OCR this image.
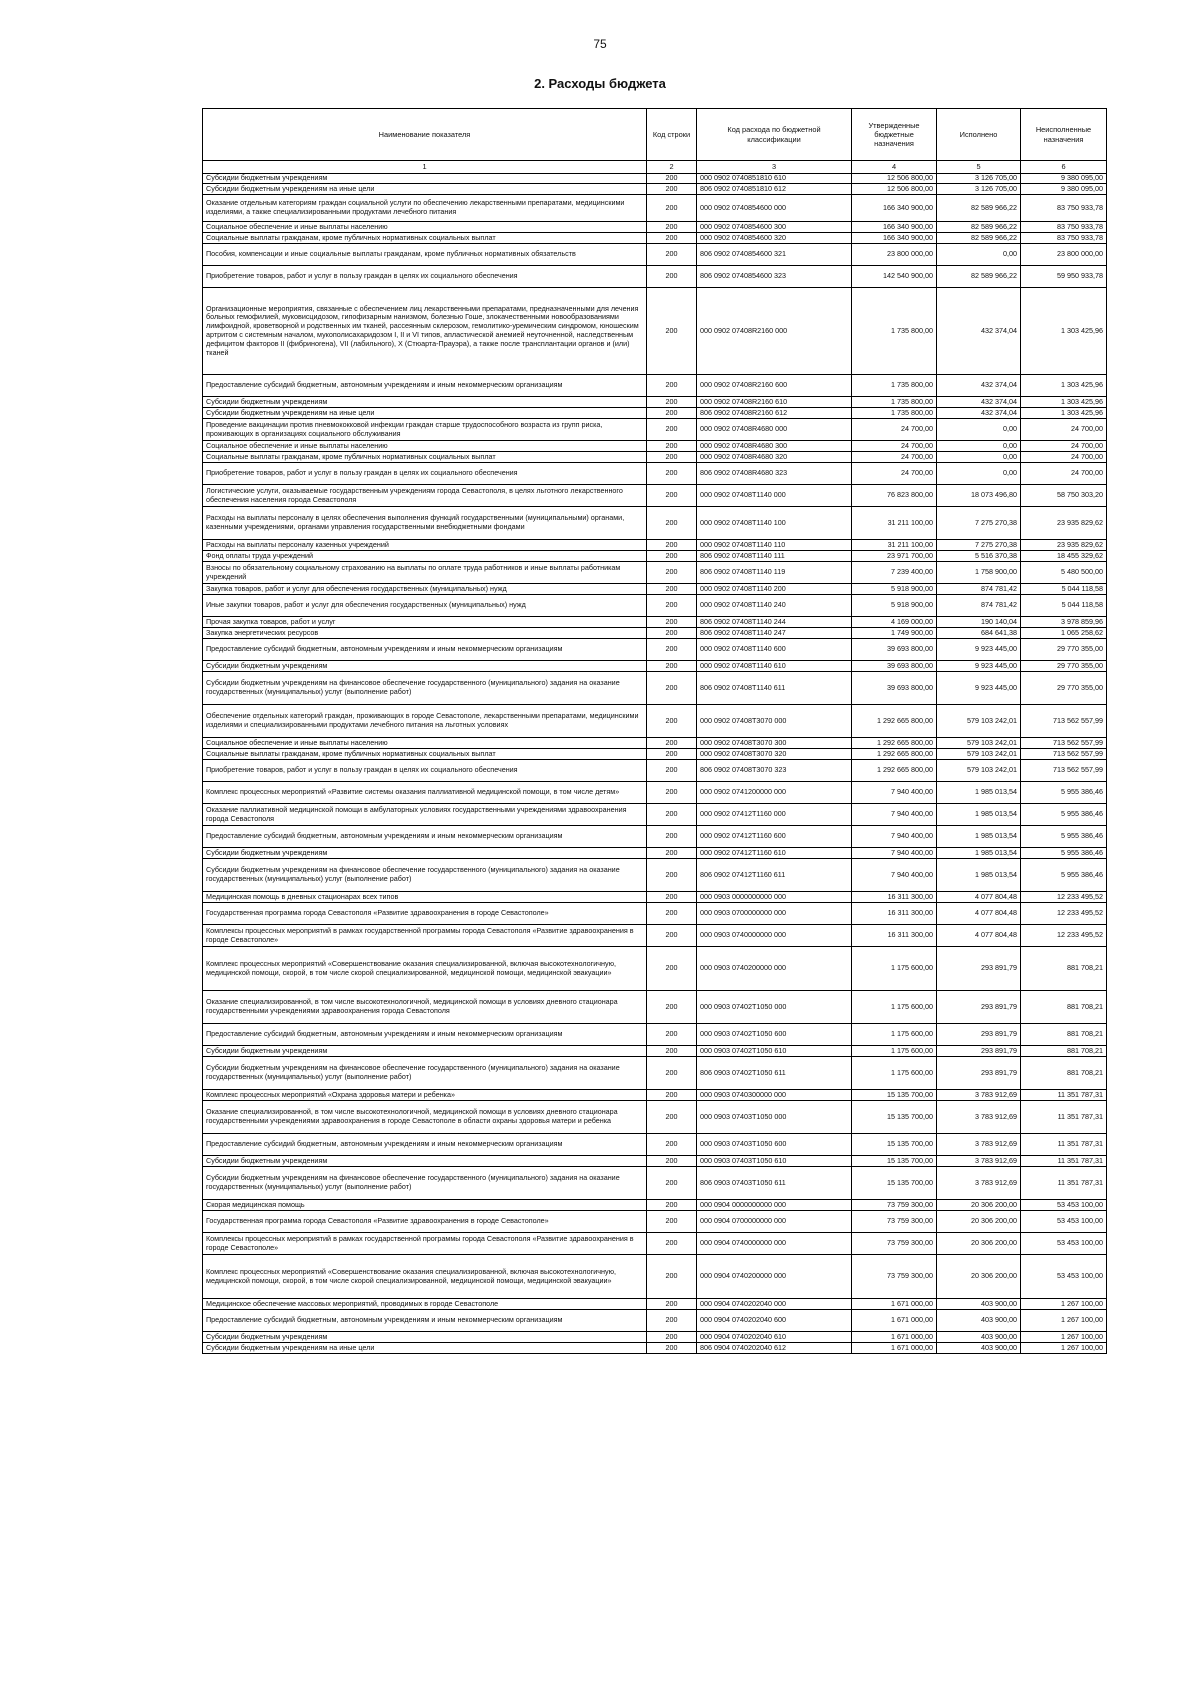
75
2. Расходы бюджета
Наименование показателя	Код строки	Код расхода по бюджетной классификации	Утвержденные бюджетные назначения	Исполнено	Неисполненные назначения
1	2	3	4	5	6
Субсидии бюджетным учреждениям	200	000 0902 0740851810 610	12 506 800,00	3 126 705,00	9 380 095,00
Субсидии бюджетным учреждениям на иные цели	200	806 0902 0740851810 612	12 506 800,00	3 126 705,00	9 380 095,00
Оказание отдельным категориям граждан социальной услуги по обеспечению лекарственными препаратами, медицинскими изделиями, а также специализированными продуктами лечебного питания	200	000 0902 0740854600 000	166 340 900,00	82 589 966,22	83 750 933,78
Социальное обеспечение и иные выплаты населению	200	000 0902 0740854600 300	166 340 900,00	82 589 966,22	83 750 933,78
Социальные выплаты гражданам, кроме публичных нормативных социальных выплат	200	000 0902 0740854600 320	166 340 900,00	82 589 966,22	83 750 933,78
Пособия, компенсации и иные социальные выплаты гражданам, кроме публичных нормативных обязательств	200	806 0902 0740854600 321	23 800 000,00	0,00	23 800 000,00
Приобретение товаров, работ и услуг в пользу граждан в целях их социального обеспечения	200	806 0902 0740854600 323	142 540 900,00	82 589 966,22	59 950 933,78
Организационные мероприятия, связанные с обеспечением лиц лекарственными препаратами, предназначенными для лечения больных гемофилией, муковисцидозом, гипофизарным нанизмом, болезнью Гоше, злокачественными новообразованиями лимфоидной, кроветворной и родственных им тканей, рассеянным склерозом, гемолитико-уремическим синдромом, юношеским артритом с системным началом, мукополисахаридозом I, II и VI типов, апластической анемией неуточненной, наследственным дефицитом факторов II (фибриногена), VII (лабильного), X (Стюарта-Прауэра), а также после трансплантации органов и (или) тканей	200	000 0902 07408R2160 000	1 735 800,00	432 374,04	1 303 425,96
Предоставление субсидий бюджетным, автономным учреждениям и иным некоммерческим организациям	200	000 0902 07408R2160 600	1 735 800,00	432 374,04	1 303 425,96
Субсидии бюджетным учреждениям	200	000 0902 07408R2160 610	1 735 800,00	432 374,04	1 303 425,96
Субсидии бюджетным учреждениям на иные цели	200	806 0902 07408R2160 612	1 735 800,00	432 374,04	1 303 425,96
Проведение вакцинации против пневмококковой инфекции граждан старше трудоспособного возраста из групп риска, проживающих в организациях социального обслуживания	200	000 0902 07408R4680 000	24 700,00	0,00	24 700,00
Социальное обеспечение и иные выплаты населению	200	000 0902 07408R4680 300	24 700,00	0,00	24 700,00
Социальные выплаты гражданам, кроме публичных нормативных социальных выплат	200	000 0902 07408R4680 320	24 700,00	0,00	24 700,00
Приобретение товаров, работ и услуг в пользу граждан в целях их социального обеспечения	200	806 0902 07408R4680 323	24 700,00	0,00	24 700,00
Логистические услуги, оказываемые государственным учреждениям города Севастополя, в целях льготного лекарственного обеспечения населения города Севастополя	200	000 0902 07408T1140 000	76 823 800,00	18 073 496,80	58 750 303,20
Расходы на выплаты персоналу в целях обеспечения выполнения функций государственными (муниципальными) органами, казенными учреждениями, органами управления государственными внебюджетными фондами	200	000 0902 07408T1140 100	31 211 100,00	7 275 270,38	23 935 829,62
Расходы на выплаты персоналу казенных учреждений	200	000 0902 07408T1140 110	31 211 100,00	7 275 270,38	23 935 829,62
Фонд оплаты труда учреждений	200	806 0902 07408T1140 111	23 971 700,00	5 516 370,38	18 455 329,62
Взносы по обязательному социальному страхованию на выплаты по оплате труда работников и иные выплаты работникам учреждений	200	806 0902 07408T1140 119	7 239 400,00	1 758 900,00	5 480 500,00
Закупка товаров, работ и услуг для обеспечения государственных (муниципальных) нужд	200	000 0902 07408T1140 200	5 918 900,00	874 781,42	5 044 118,58
Иные закупки товаров, работ и услуг для обеспечения государственных (муниципальных) нужд	200	000 0902 07408T1140 240	5 918 900,00	874 781,42	5 044 118,58
Прочая закупка товаров, работ и услуг	200	806 0902 07408T1140 244	4 169 000,00	190 140,04	3 978 859,96
Закупка энергетических ресурсов	200	806 0902 07408T1140 247	1 749 900,00	684 641,38	1 065 258,62
Предоставление субсидий бюджетным, автономным учреждениям и иным некоммерческим организациям	200	000 0902 07408T1140 600	39 693 800,00	9 923 445,00	29 770 355,00
Субсидии бюджетным учреждениям	200	000 0902 07408T1140 610	39 693 800,00	9 923 445,00	29 770 355,00
Субсидии бюджетным учреждениям на финансовое обеспечение государственного (муниципального) задания на оказание государственных (муниципальных) услуг (выполнение работ)	200	806 0902 07408T1140 611	39 693 800,00	9 923 445,00	29 770 355,00
Обеспечение отдельных категорий граждан, проживающих в городе Севастополе, лекарственными препаратами, медицинскими изделиями и специализированными продуктами лечебного питания на льготных условиях	200	000 0902 07408T3070 000	1 292 665 800,00	579 103 242,01	713 562 557,99
Социальное обеспечение и иные выплаты населению	200	000 0902 07408T3070 300	1 292 665 800,00	579 103 242,01	713 562 557,99
Социальные выплаты гражданам, кроме публичных нормативных социальных выплат	200	000 0902 07408T3070 320	1 292 665 800,00	579 103 242,01	713 562 557,99
Приобретение товаров, работ и услуг в пользу граждан в целях их социального обеспечения	200	806 0902 07408T3070 323	1 292 665 800,00	579 103 242,01	713 562 557,99
Комплекс процессных мероприятий «Развитие системы оказания паллиативной медицинской помощи, в том числе детям»	200	000 0902 0741200000 000	7 940 400,00	1 985 013,54	5 955 386,46
Оказание паллиативной медицинской помощи в амбулаторных условиях государственными учреждениями здравоохранения города Севастополя	200	000 0902 07412T1160 000	7 940 400,00	1 985 013,54	5 955 386,46
Предоставление субсидий бюджетным, автономным учреждениям и иным некоммерческим организациям	200	000 0902 07412T1160 600	7 940 400,00	1 985 013,54	5 955 386,46
Субсидии бюджетным учреждениям	200	000 0902 07412T1160 610	7 940 400,00	1 985 013,54	5 955 386,46
Субсидии бюджетным учреждениям на финансовое обеспечение государственного (муниципального) задания на оказание государственных (муниципальных) услуг (выполнение работ)	200	806 0902 07412T1160 611	7 940 400,00	1 985 013,54	5 955 386,46
Медицинская помощь в дневных стационарах всех типов	200	000 0903 0000000000 000	16 311 300,00	4 077 804,48	12 233 495,52
Государственная программа города Севастополя «Развитие здравоохранения в городе Севастополе»	200	000 0903 0700000000 000	16 311 300,00	4 077 804,48	12 233 495,52
Комплексы процессных мероприятий в рамках государственной программы города Севастополя «Развитие здравоохранения в городе Севастополе»	200	000 0903 0740000000 000	16 311 300,00	4 077 804,48	12 233 495,52
Комплекс процессных мероприятий «Совершенствование оказания специализированной, включая высокотехнологичную, медицинской помощи, скорой, в том числе скорой специализированной, медицинской помощи, медицинской эвакуации»	200	000 0903 0740200000 000	1 175 600,00	293 891,79	881 708,21
Оказание специализированной, в том числе высокотехнологичной, медицинской помощи в условиях дневного стационара государственными учреждениями здравоохранения города Севастополя	200	000 0903 07402T1050 000	1 175 600,00	293 891,79	881 708,21
Предоставление субсидий бюджетным, автономным учреждениям и иным некоммерческим организациям	200	000 0903 07402T1050 600	1 175 600,00	293 891,79	881 708,21
Субсидии бюджетным учреждениям	200	000 0903 07402T1050 610	1 175 600,00	293 891,79	881 708,21
Субсидии бюджетным учреждениям на финансовое обеспечение государственного (муниципального) задания на оказание государственных (муниципальных) услуг (выполнение работ)	200	806 0903 07402T1050 611	1 175 600,00	293 891,79	881 708,21
Комплекс процессных мероприятий «Охрана здоровья матери и ребенка»	200	000 0903 0740300000 000	15 135 700,00	3 783 912,69	11 351 787,31
Оказание специализированной, в том числе высокотехнологичной, медицинской помощи в условиях дневного стационара государственными учреждениями здравоохранения в городе Севастополе в области охраны здоровья матери и ребенка	200	000 0903 07403T1050 000	15 135 700,00	3 783 912,69	11 351 787,31
Предоставление субсидий бюджетным, автономным учреждениям и иным некоммерческим организациям	200	000 0903 07403T1050 600	15 135 700,00	3 783 912,69	11 351 787,31
Субсидии бюджетным учреждениям	200	000 0903 07403T1050 610	15 135 700,00	3 783 912,69	11 351 787,31
Субсидии бюджетным учреждениям на финансовое обеспечение государственного (муниципального) задания на оказание государственных (муниципальных) услуг (выполнение работ)	200	806 0903 07403T1050 611	15 135 700,00	3 783 912,69	11 351 787,31
Скорая медицинская помощь	200	000 0904 0000000000 000	73 759 300,00	20 306 200,00	53 453 100,00
Государственная программа города Севастополя «Развитие здравоохранения в городе Севастополе»	200	000 0904 0700000000 000	73 759 300,00	20 306 200,00	53 453 100,00
Комплексы процессных мероприятий в рамках государственной программы города Севастополя «Развитие здравоохранения в городе Севастополе»	200	000 0904 0740000000 000	73 759 300,00	20 306 200,00	53 453 100,00
Комплекс процессных мероприятий «Совершенствование оказания специализированной, включая высокотехнологичную, медицинской помощи, скорой, в том числе скорой специализированной, медицинской помощи, медицинской эвакуации»	200	000 0904 0740200000 000	73 759 300,00	20 306 200,00	53 453 100,00
Медицинское обеспечение массовых мероприятий, проводимых в городе Севастополе	200	000 0904 0740202040 000	1 671 000,00	403 900,00	1 267 100,00
Предоставление субсидий бюджетным, автономным учреждениям и иным некоммерческим организациям	200	000 0904 0740202040 600	1 671 000,00	403 900,00	1 267 100,00
Субсидии бюджетным учреждениям	200	000 0904 0740202040 610	1 671 000,00	403 900,00	1 267 100,00
Субсидии бюджетным учреждениям на иные цели	200	806 0904 0740202040 612	1 671 000,00	403 900,00	1 267 100,00
